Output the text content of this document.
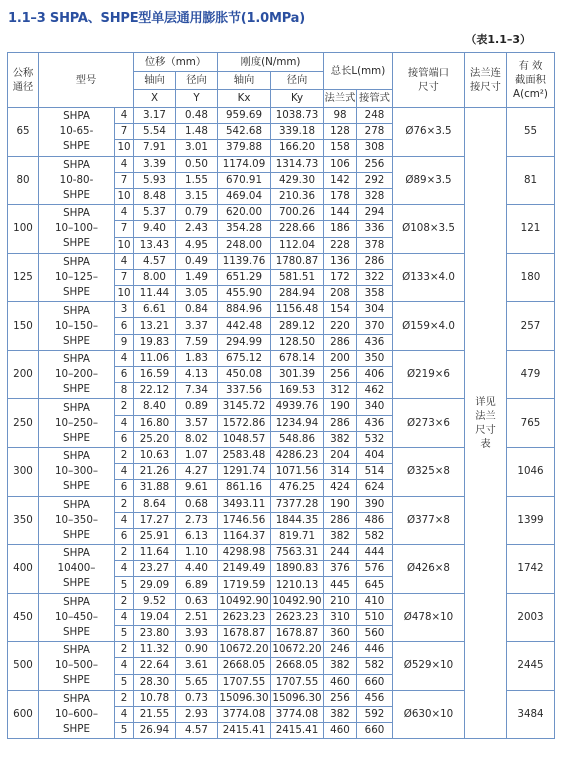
1.1–3 SHPA、SHPE型单层通用膨胀节(1.0MPa)
（表1.1–3）
公称通径	型号		位移（mm）		刚度(N/mm)		总长L(mm)		接管端口尺寸	法兰连接尺寸	有 效
截面积
A(cm²)

			轴向	径向	轴向	径向					
			X	Y	Kx	Ky	法兰式	接管式			
65	SHPA
10-65-
SHPE	4	3.17	0.48	959.69	1038.73	98	248	Ø76×3.5	详见法兰尺寸表	55
		7	5.54	1.48	542.68	339.18	128	278			
		10	7.91	3.01	379.88	166.20	158	308			
80	SHPA
10-80-
SHPE	4	3.39	0.50	1174.09	1314.73	106	256	Ø89×3.5		81
		7	5.93	1.55	670.91	429.30	142	292			
		10	8.48	3.15	469.04	210.36	178	328			
100	SHPA
10–100–
SHPE	4	5.37	0.79	620.00	700.26	144	294	Ø108×3.5		121
		7	9.40	2.43	354.28	228.66	186	336			
		10	13.43	4.95	248.00	112.04	228	378			
125	SHPA
10–125–
SHPE	4	4.57	0.49	1139.76	1780.87	136	286	Ø133×4.0		180
		7	8.00	1.49	651.29	581.51	172	322			
		10	11.44	3.05	455.90	284.94	208	358			
150	SHPA
10–150–
SHPE	3	6.61	0.84	884.96	1156.48	154	304	Ø159×4.0		257
		6	13.21	3.37	442.48	289.12	220	370			
		9	19.83	7.59	294.99	128.50	286	436			
200	SHPA
10–200–
SHPE	4	11.06	1.83	675.12	678.14	200	350	Ø219×6		479
		6	16.59	4.13	450.08	301.39	256	406			
		8	22.12	7.34	337.56	169.53	312	462			
250	SHPA
10–250–
SHPE	2	8.40	0.89	3145.72	4939.76	190	340	Ø273×6		765
		4	16.80	3.57	1572.86	1234.94	286	436			
		6	25.20	8.02	1048.57	548.86	382	532			
300	SHPA
10–300–
SHPE	2	10.63	1.07	2583.48	4286.23	204	404	Ø325×8		1046
		4	21.26	4.27	1291.74	1071.56	314	514			
		6	31.88	9.61	861.16	476.25	424	624			
350	SHPA
10–350–
SHPE	2	8.64	0.68	3493.11	7377.28	190	390	Ø377×8		1399
		4	17.27	2.73	1746.56	1844.35	286	486			
		6	25.91	6.13	1164.37	819.71	382	582			
400	SHPA
10400–
SHPE	2	11.64	1.10	4298.98	7563.31	244	444	Ø426×8		1742
		4	23.27	4.40	2149.49	1890.83	376	576			
		5	29.09	6.89	1719.59	1210.13	445	645			
450	SHPA
10–450–
SHPE	2	9.52	0.63	10492.90	10492.90	210	410	Ø478×10		2003
		4	19.04	2.51	2623.23	2623.23	310	510			
		5	23.80	3.93	1678.87	1678.87	360	560			
500	SHPA
10–500–
SHPE	2	11.32	0.90	10672.20	10672.20	246	446	Ø529×10		2445
		4	22.64	3.61	2668.05	2668.05	382	582			
		5	28.30	5.65	1707.55	1707.55	460	660			
600	SHPA
10–600–
SHPE	2	10.78	0.73	15096.30	15096.30	256	456	Ø630×10		3484
		4	21.55	2.93	3774.08	3774.08	382	592			
		5	26.94	4.57	2415.41	2415.41	460	660			
